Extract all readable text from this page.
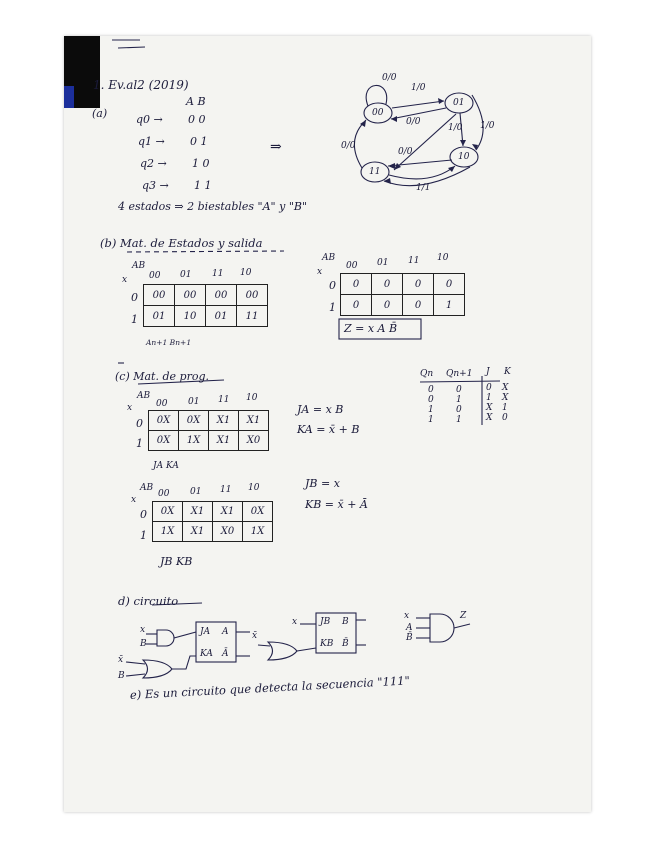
1. Ev.al2 (2019)
(a)
A B
q0 → 0 0
q1 → 0 1
q2 → 1 0
q3 → 1 1
⇒
4 estados ⇒ 2 biestables "A" y "B"
00
01
10
11
0/0
1/0
0/0
1/0 1/0
0/0
0/0
1/1
(b) Mat. de Estados y salida
AB
x 00 01 11 10
0
1
00	00	00	00
01	10	01	11
An+1 Bn+1
AB
x
00 01 11 10
0
1
0	0	0	0
0	0	0	1
Z = x A B̄
(c) Mat. de prog.
AB
x	00 01 11 10
0
1
0X	0X	X1	X1
0X	1X	X1	X0
JA KA
JA = x B
KA = x̄ + B
Qn Qn+1 J K
0 0	0 X
0 1	1 X
1 0	X 1
1 1	X 0
AB
x
00 01 11 10
0
1
0X	X1	X1	0X
1X	X1	X0	1X
JB KB
JB = x
KB = x̄ + Ā
d) circuito
JA A
KA Ā
JB B
KB B̄
x
B
x̄
B
x̄
x
x
A
B̄
Z
e) Es un circuito que detecta la secuencia "111"
